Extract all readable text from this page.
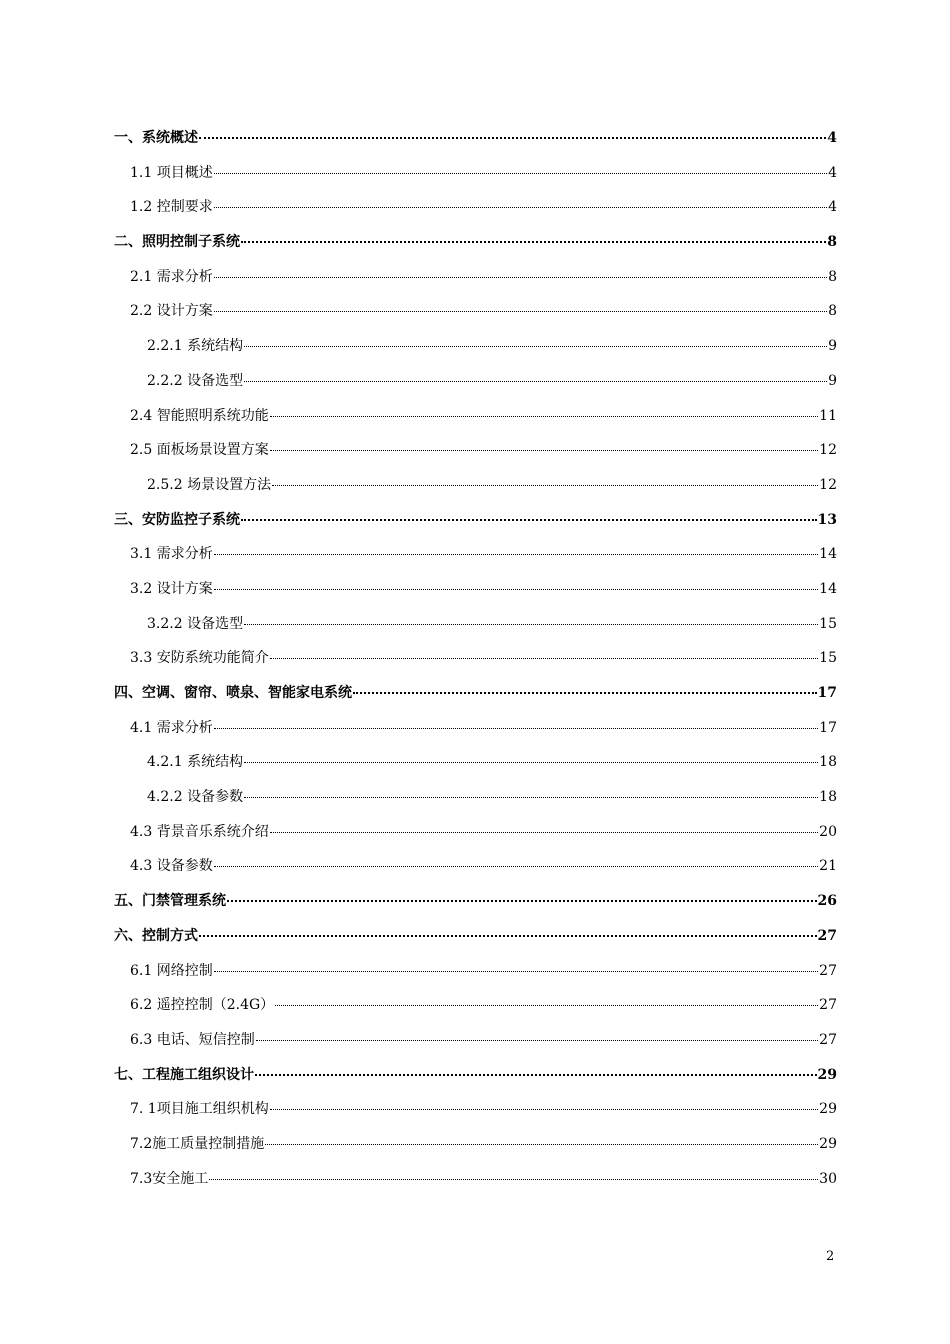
一、系统概述	4
1.1 项目概述	4
1.2 控制要求	4
二、照明控制子系统	8
2.1 需求分析	8
2.2 设计方案	8
2.2.1 系统结构	9
2.2.2 设备选型	9
2.4 智能照明系统功能	11
2.5 面板场景设置方案	12
2.5.2 场景设置方法	12
三、安防监控子系统	13
3.1 需求分析	14
3.2 设计方案	14
3.2.2 设备选型	15
3.3 安防系统功能简介	15
四、空调、窗帘、喷泉、智能家电系统	17
4.1 需求分析	17
4.2.1 系统结构	18
4.2.2 设备参数	18
4.3 背景音乐系统介绍	20
4.3 设备参数	21
五、门禁管理系统	26
六、控制方式	27
6.1 网络控制	27
6.2 遥控控制（2.4G）	27
6.3 电话、短信控制	27
七、工程施工组织设计	29
7. 1项目施工组织机构	29
7.2施工质量控制措施	29
7.3安全施工	30
2
